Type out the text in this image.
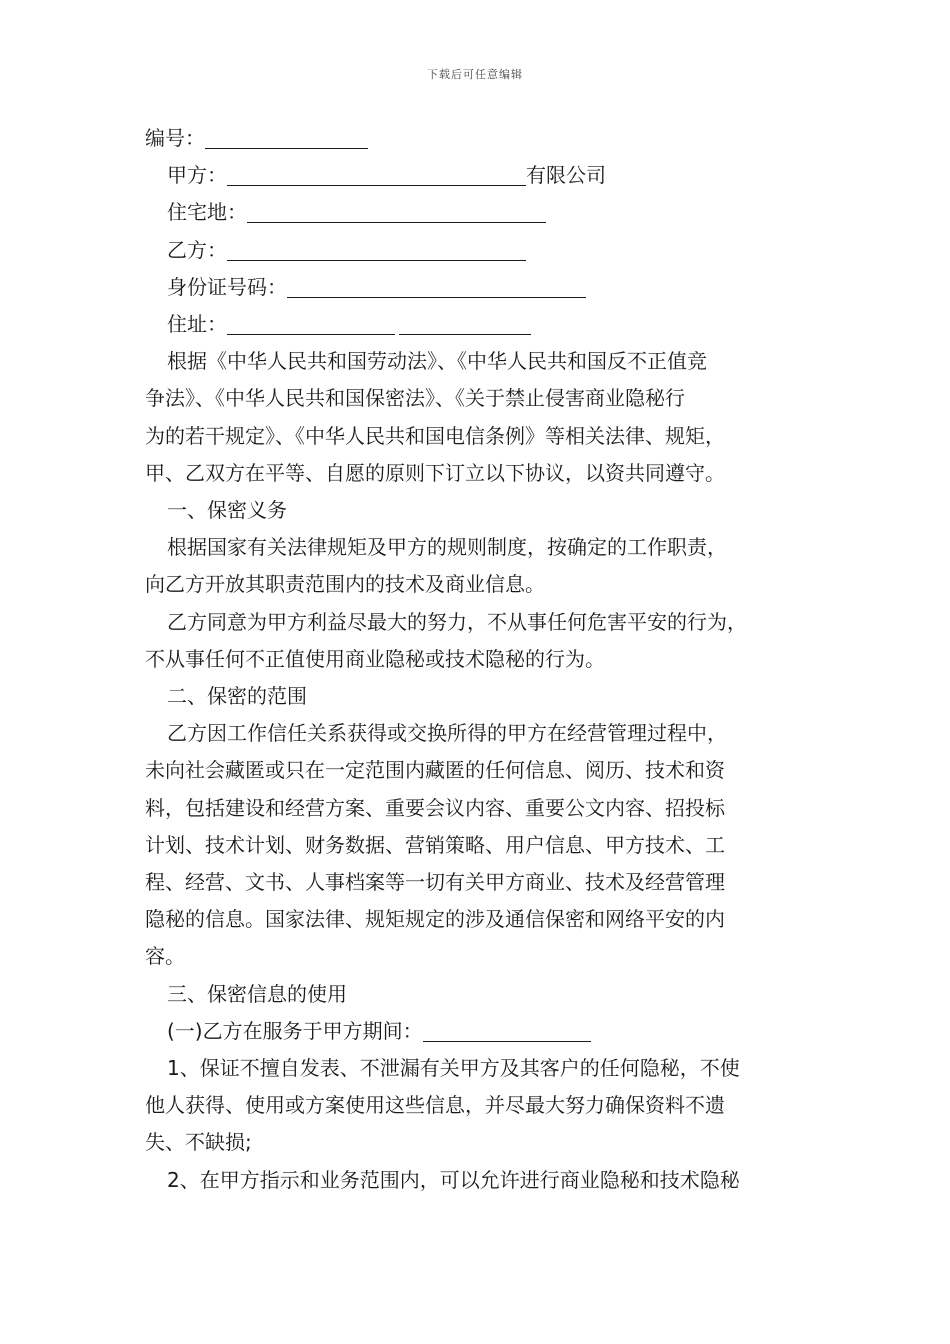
下载后可任意编辑
编号：
甲方：	有限公司
住宅地：
乙方：
身份证号码：
住址：

根据《中华人民共和国劳动法》、《中华人民共和国反不正值竞

争法》、《中华人民共和国保密法》、《关于禁止侵害商业隐秘行

为的若干规定》、《中华人民共和国电信条例》等相关法律、规矩，

甲、乙双方在平等、自愿的原则下订立以下协议，以资共同遵守。

一、保密义务

根据国家有关法律规矩及甲方的规则制度，按确定的工作职责，

向乙方开放其职责范围内的技术及商业信息。

乙方同意为甲方利益尽最大的努力，不从事任何危害平安的行为，

不从事任何不正值使用商业隐秘或技术隐秘的行为。

二、保密的范围

乙方因工作信任关系获得或交换所得的甲方在经营管理过程中，

未向社会藏匿或只在一定范围内藏匿的任何信息、阅历、技术和资

料，包括建设和经营方案、重要会议内容、重要公文内容、招投标

计划、技术计划、财务数据、营销策略、用户信息、甲方技术、工

程、经营、文书、人事档案等一切有关甲方商业、技术及经营管理

隐秘的信息。国家法律、规矩规定的涉及通信保密和网络平安的内

容。

三、保密信息的使用
(一)乙方在服务于甲方期间：

1、保证不擅自发表、不泄漏有关甲方及其客户的任何隐秘，不使

他人获得、使用或方案使用这些信息，并尽最大努力确保资料不遗

失、不缺损;

2、在甲方指示和业务范围内，可以允许进行商业隐秘和技术隐秘
